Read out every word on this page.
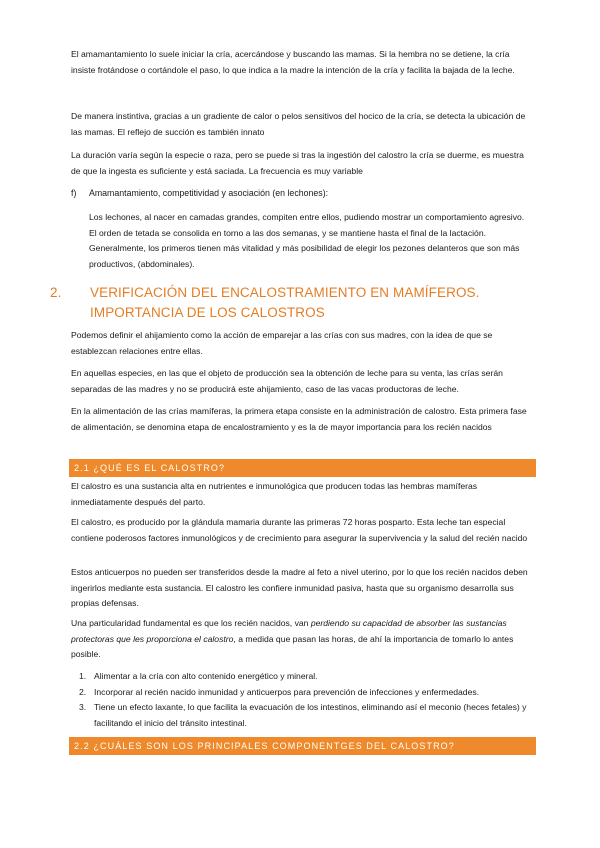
El amamantamiento lo suele iniciar la cría, acercándose y buscando las mamas. Si la hembra no se detiene, la cría insiste frotándose o cortándole el paso, lo que indica a la madre la intención de la cría y facilita la bajada de la leche.

De manera instintiva, gracias a un gradiente de calor o pelos sensitivos del hocico de la cría, se detecta la ubicación de las mamas. El reflejo de succión es también innato

La duración varía según la especie o raza, pero se puede si tras la ingestión del calostro la cría se duerme, es muestra de que la ingesta es suficiente y está saciada. La frecuencia es muy variable

f) Amamantamiento, competitividad y asociación (en lechones):

Los lechones, al nacer en camadas grandes, compiten entre ellos, pudiendo mostrar un comportamiento agresivo. El orden de tetada se consolida en torno a las dos semanas, y se mantiene hasta el final de la lactación. Generalmente, los primeros tienen más vitalidad y más posibilidad de elegir los pezones delanteros que son más productivos, (abdominales).

2. VERIFICACIÓN DEL ENCALOSTRAMIENTO EN MAMÍFEROS. IMPORTANCIA DE LOS CALOSTROS

Podemos definir el ahijamiento como la acción de emparejar a las crías con sus madres, con la idea de que se establezcan relaciones entre ellas.

En aquellas especies, en las que el objeto de producción sea la obtención de leche para su venta, las crías serán separadas de las madres y no se producirá este ahijamiento, caso de las vacas productoras de leche.

En la alimentación de las crías mamíferas, la primera etapa consiste en la administración de calostro. Esta primera fase de alimentación, se denomina etapa de encalostramiento y es la de mayor importancia para los recién nacidos

2.1 ¿QUÉ ES EL CALOSTRO?

El calostro es una sustancia alta en nutrientes e inmunológica que producen todas las hembras mamíferas inmediatamente después del parto.

El calostro, es producido por la glándula mamaria durante las primeras 72 horas posparto. Esta leche tan especial contiene poderosos factores inmunológicos y de crecimiento para asegurar la supervivencia y la salud del recién nacido

Estos anticuerpos no pueden ser transferidos desde la madre al feto a nivel uterino, por lo que los recién nacidos deben ingerirlos mediante esta sustancia. El calostro les confiere inmunidad pasiva, hasta que su organismo desarrolla sus propias defensas.

Una particularidad fundamental es que los recién nacidos, van perdiendo su capacidad de absorber las sustancias protectoras que les proporciona el calostro, a medida que pasan las horas, de ahí la importancia de tomarlo lo antes posible.

1. Alimentar a la cría con alto contenido energético y mineral.
2. Incorporar al recién nacido inmunidad y anticuerpos para prevención de infecciones y enfermedades.
3. Tiene un efecto laxante, lo que facilita la evacuación de los intestinos, eliminando así el meconio (heces fetales) y facilitando el inicio del tránsito intestinal.
2.2 ¿CUÁLES SON LOS PRINCIPALES COMPONENTGES DEL CALOSTRO?
